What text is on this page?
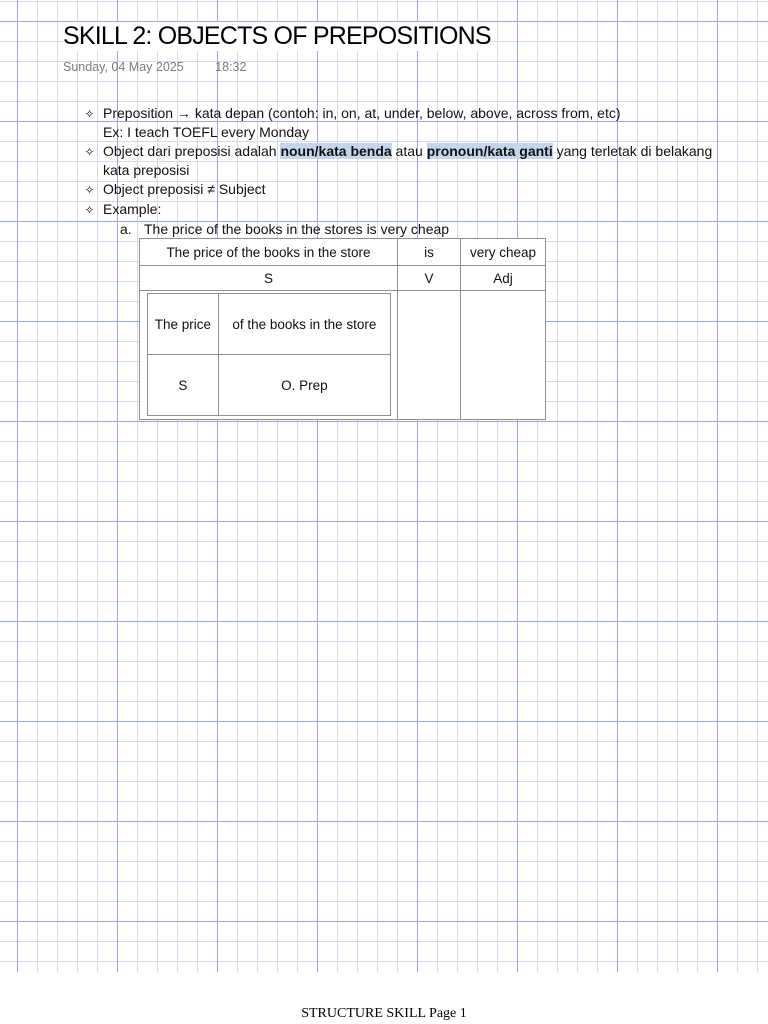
SKILL 2: OBJECTS OF PREPOSITIONS
Sunday, 04 May 2025	18:32
✧ Preposition → kata depan (contoh: in, on, at, under, below, above, across from, etc)
Ex: I teach TOEFL every Monday
✧ Object dari preposisi adalah noun/kata benda atau pronoun/kata ganti yang terletak di belakang kata preposisi
✧ Object preposisi ≠ Subject
✧ Example:
a. The price of the books in the stores is very cheap
The price of the books in the store	is	very cheap
S	V	Adj

The price	of the books in the store
S	O. Prep

STRUCTURE SKILL Page 1
